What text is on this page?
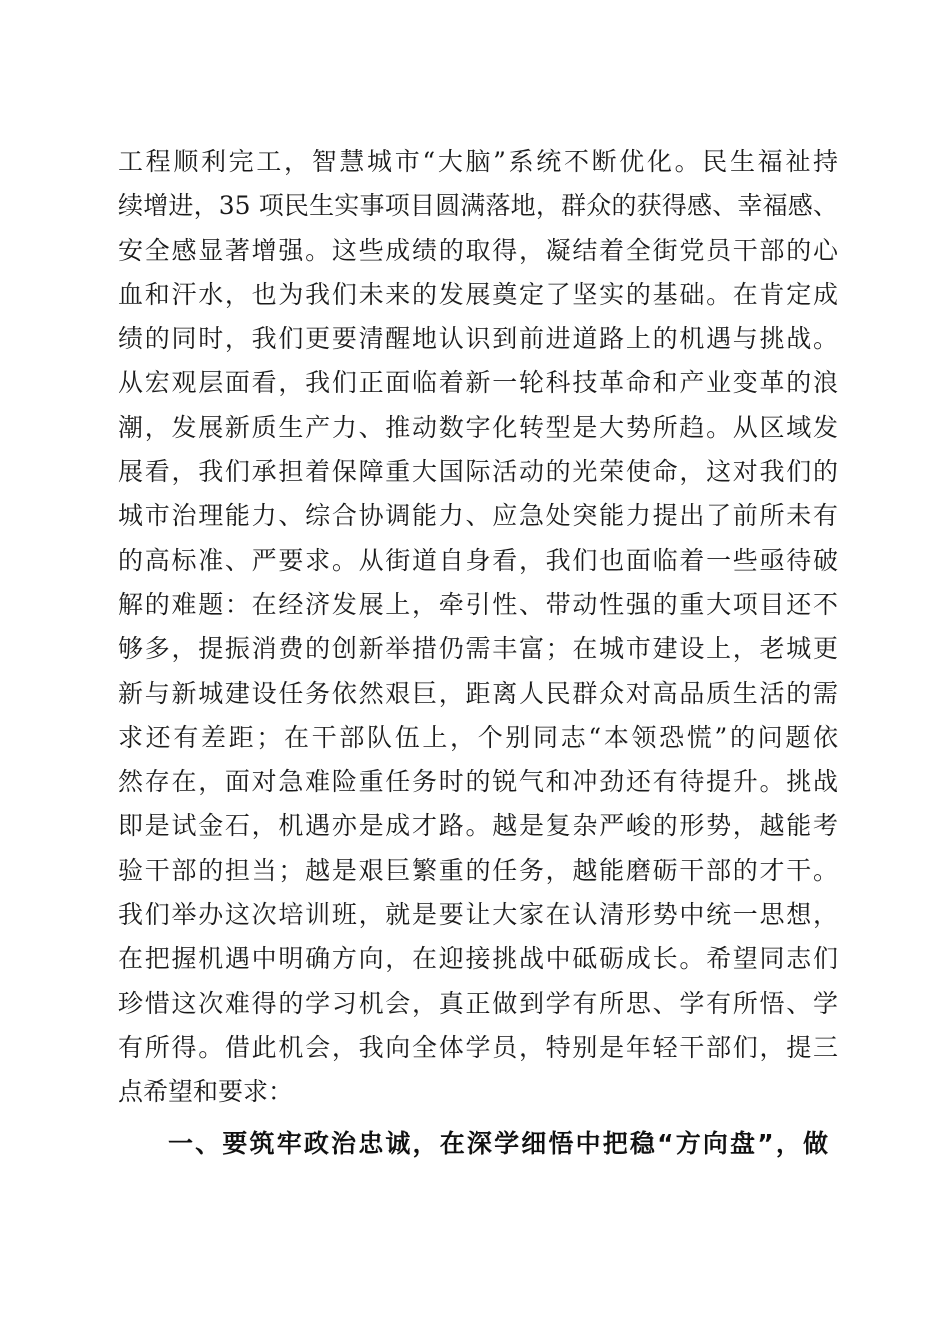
工程顺利完工，智慧城市“大脑”系统不断优化。民生福祉持
续增进，35 项民生实事项目圆满落地，群众的获得感、幸福感、
安全感显著增强。这些成绩的取得，凝结着全街党员干部的心
血和汗水，也为我们未来的发展奠定了坚实的基础。在肯定成
绩的同时，我们更要清醒地认识到前进道路上的机遇与挑战。
从宏观层面看，我们正面临着新一轮科技革命和产业变革的浪
潮，发展新质生产力、推动数字化转型是大势所趋。从区域发
展看，我们承担着保障重大国际活动的光荣使命，这对我们的
城市治理能力、综合协调能力、应急处突能力提出了前所未有
的高标准、严要求。从街道自身看，我们也面临着一些亟待破
解的难题：在经济发展上，牵引性、带动性强的重大项目还不
够多，提振消费的创新举措仍需丰富；在城市建设上，老城更
新与新城建设任务依然艰巨，距离人民群众对高品质生活的需
求还有差距；在干部队伍上，个别同志“本领恐慌”的问题依
然存在，面对急难险重任务时的锐气和冲劲还有待提升。挑战
即是试金石，机遇亦是成才路。越是复杂严峻的形势，越能考
验干部的担当；越是艰巨繁重的任务，越能磨砺干部的才干。
我们举办这次培训班，就是要让大家在认清形势中统一思想，
在把握机遇中明确方向，在迎接挑战中砥砺成长。希望同志们
珍惜这次难得的学习机会，真正做到学有所思、学有所悟、学
有所得。借此机会，我向全体学员，特别是年轻干部们，提三
点希望和要求：
一、要筑牢政治忠诚，在深学细悟中把稳“方向盘”，做
